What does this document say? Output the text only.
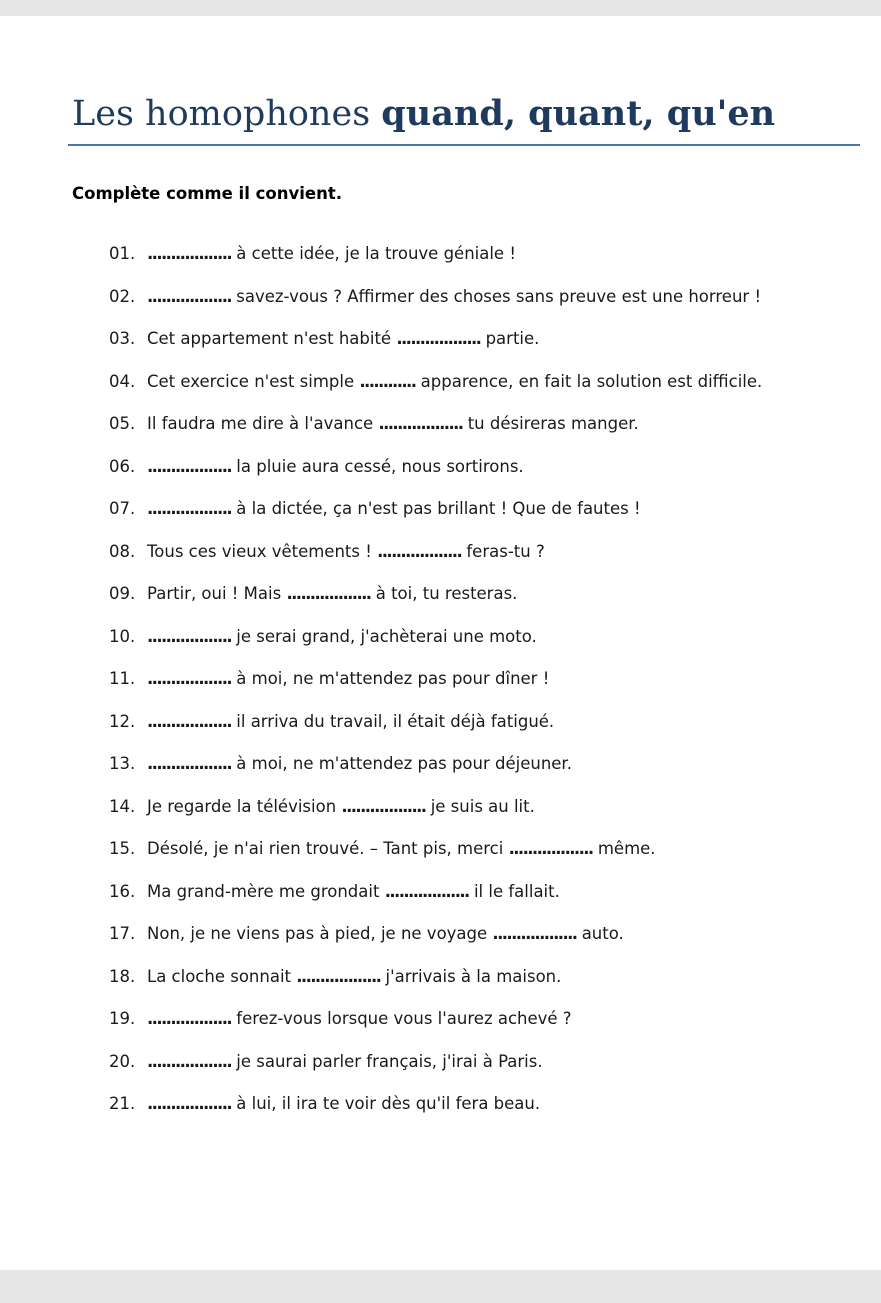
Les homophones quand, quant, qu'en

Complète comme il convient.

01. .................. à cette idée, je la trouve géniale !
02. .................. savez-vous ? Affirmer des choses sans preuve est une horreur !
03. Cet appartement n'est habité .................. partie.
04. Cet exercice n'est simple ............ apparence, en fait la solution est difficile.
05. Il faudra me dire à l'avance .................. tu désireras manger.
06. .................. la pluie aura cessé, nous sortirons.
07. .................. à la dictée, ça n'est pas brillant ! Que de fautes !
08. Tous ces vieux vêtements ! .................. feras-tu ?
09. Partir, oui ! Mais .................. à toi, tu resteras.
10. .................. je serai grand, j'achèterai une moto.
11. .................. à moi, ne m'attendez pas pour dîner !
12. .................. il arriva du travail, il était déjà fatigué.
13. .................. à moi, ne m'attendez pas pour déjeuner.
14. Je regarde la télévision .................. je suis au lit.
15. Désolé, je n'ai rien trouvé. – Tant pis, merci .................. même.
16. Ma grand-mère me grondait .................. il le fallait.
17. Non, je ne viens pas à pied, je ne voyage .................. auto.
18. La cloche sonnait .................. j'arrivais à la maison.
19. .................. ferez-vous lorsque vous l'aurez achevé ?
20. .................. je saurai parler français, j'irai à Paris.
21. .................. à lui, il ira te voir dès qu'il fera beau.
